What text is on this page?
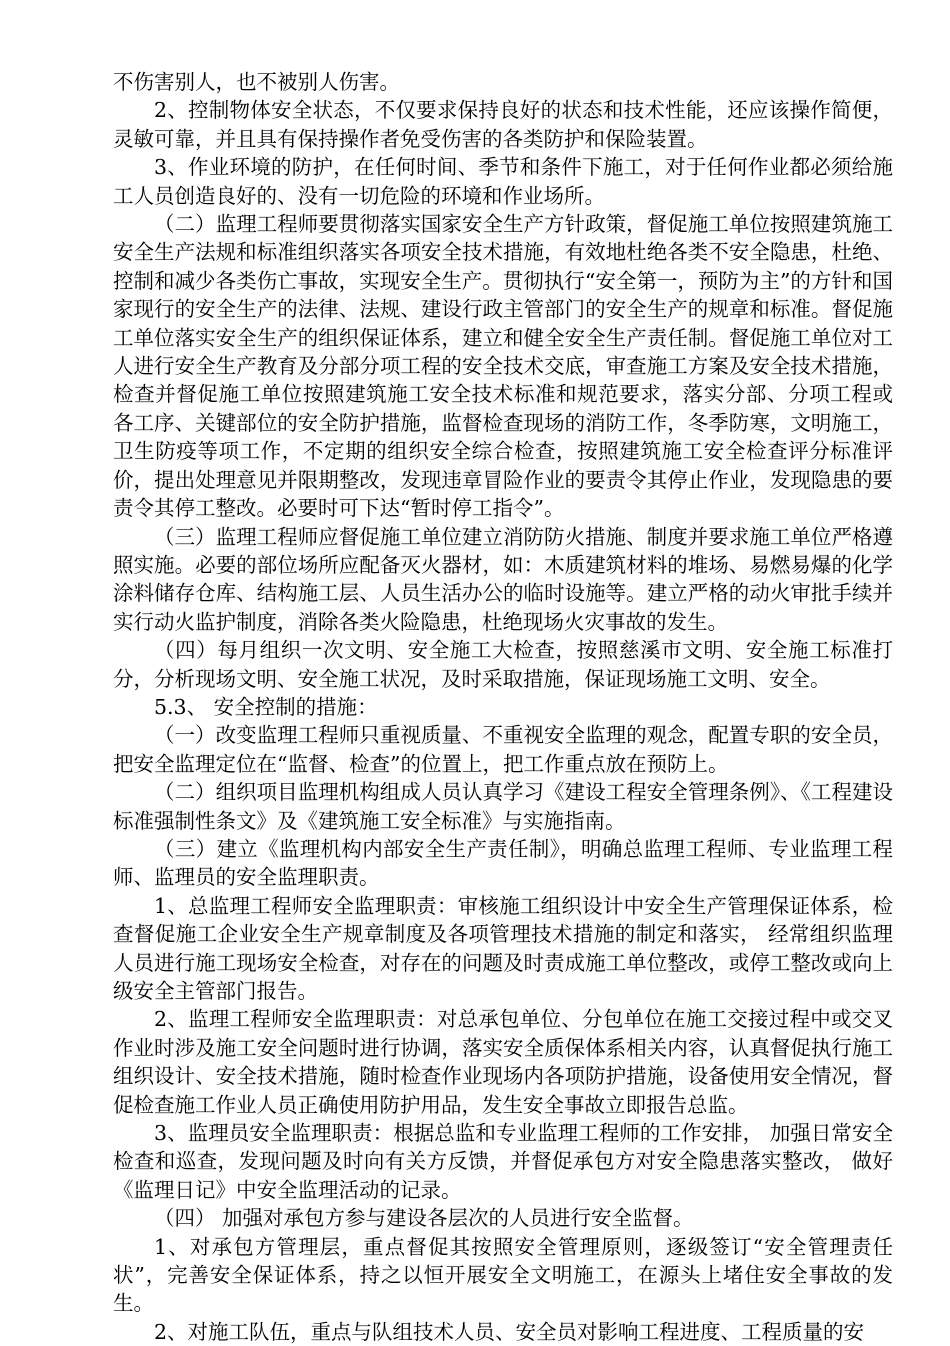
不伤害别人，也不被别人伤害。

2、控制物体安全状态，不仅要求保持良好的状态和技术性能，还应该操作简便，灵敏可靠，并且具有保持操作者免受伤害的各类防护和保险装置。

3、作业环境的防护，在任何时间、季节和条件下施工，对于任何作业都必须给施工人员创造良好的、没有一切危险的环境和作业场所。

（二）监理工程师要贯彻落实国家安全生产方针政策，督促施工单位按照建筑施工安全生产法规和标准组织落实各项安全技术措施，有效地杜绝各类不安全隐患，杜绝、控制和减少各类伤亡事故，实现安全生产。贯彻执行“安全第一，预防为主”的方针和国家现行的安全生产的法律、法规、建设行政主管部门的安全生产的规章和标准。督促施工单位落实安全生产的组织保证体系，建立和健全安全生产责任制。督促施工单位对工人进行安全生产教育及分部分项工程的安全技术交底，审查施工方案及安全技术措施，检查并督促施工单位按照建筑施工安全技术标准和规范要求，落实分部、分项工程或 各工序、关键部位的安全防护措施，监督检查现场的消防工作，冬季防寒，文明施工，卫生防疫等项工作，不定期的组织安全综合检查，按照建筑施工安全检查评分标准评价，提出处理意见并限期整改，发现违章冒险作业的要责令其停止作业，发现隐患的要责令其停工整改。必要时可下达“暂时停工指令”。

（三）监理工程师应督促施工单位建立消防防火措施、制度并要求施工单位严格遵照实施。必要的部位场所应配备灭火器材，如：木质建筑材料的堆场、易燃易爆的化学涂料储存仓库、结构施工层、人员生活办公的临时设施等。建立严格的动火审批手续并实行动火监护制度，消除各类火险隐患，杜绝现场火灾事故的发生。

（四）每月组织一次文明、安全施工大检查，按照慈溪市文明、安全施工标准打分，分析现场文明、安全施工状况，及时采取措施，保证现场施工文明、安全。

5.3、 安全控制的措施：

（一）改变监理工程师只重视质量、不重视安全监理的观念，配置专职的安全员，把安全监理定位在“监督、检查”的位置上，把工作重点放在预防上。

（二）组织项目监理机构组成人员认真学习《建设工程安全管理条例》、《工程建设标准强制性条文》及《建筑施工安全标准》与实施指南。

（三）建立《监理机构内部安全生产责任制》，明确总监理工程师、专业监理工程师、监理员的安全监理职责。

1、总监理工程师安全监理职责：审核施工组织设计中安全生产管理保证体系，检查督促施工企业安全生产规章制度及各项管理技术措施的制定和落实， 经常组织监理人员进行施工现场安全检查，对存在的问题及时责成施工单位整改，或停工整改或向上级安全主管部门报告。

2、监理工程师安全监理职责：对总承包单位、分包单位在施工交接过程中或交叉作业时涉及施工安全问题时进行协调，落实安全质保体系相关内容，认真督促执行施工组织设计、安全技术措施，随时检查作业现场内各项防护措施，设备使用安全情况，督促检查施工作业人员正确使用防护用品，发生安全事故立即报告总监。

3、监理员安全监理职责：根据总监和专业监理工程师的工作安排， 加强日常安全检查和巡查，发现问题及时向有关方反馈，并督促承包方对安全隐患落实整改， 做好《监理日记》中安全监理活动的记录。

（四） 加强对承包方参与建设各层次的人员进行安全监督。

1、对承包方管理层，重点督促其按照安全管理原则，逐级签订“安全管理责任状”，完善安全保证体系，持之以恒开展安全文明施工，在源头上堵住安全事故的发生。

2、对施工队伍，重点与队组技术人员、安全员对影响工程进度、工程质量的安
